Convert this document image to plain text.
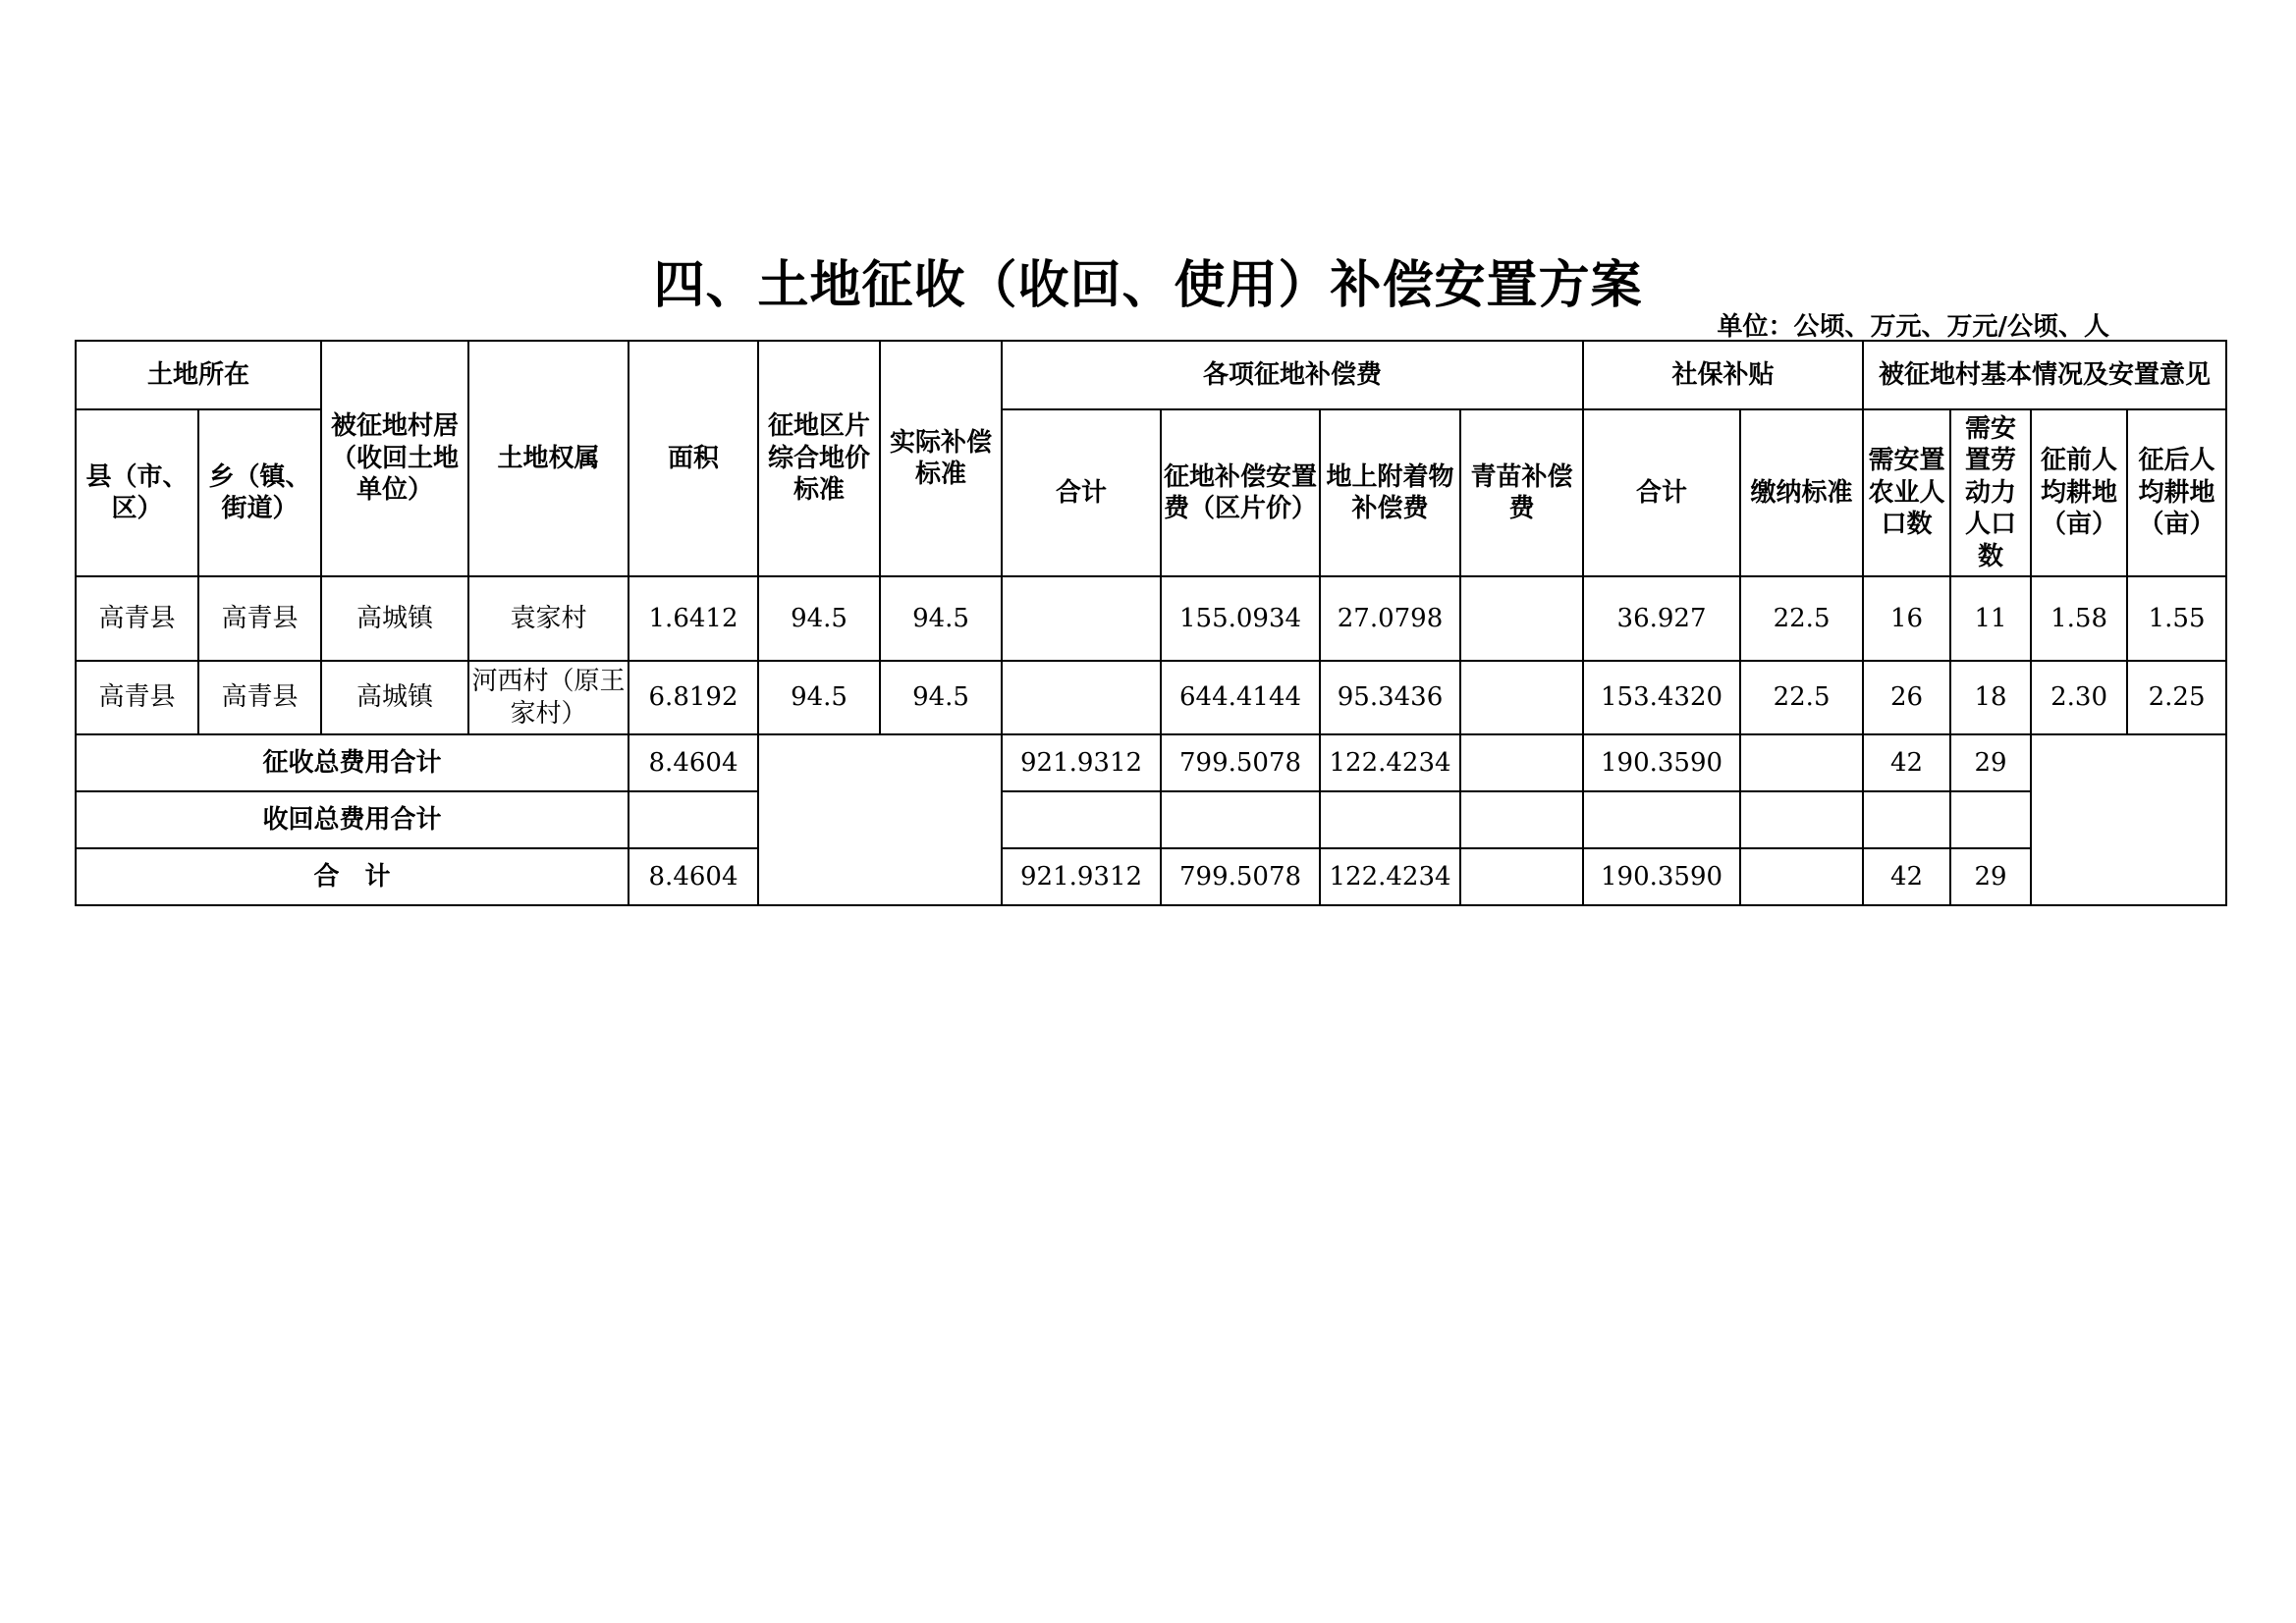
四、土地征收（收回、使用）补偿安置方案
单位：公顷、万元、万元/公顷、人
土地所在		被征地村居（收回土地单位）	土地权属	面积	征地区片综合地价标准	实际补偿标准	各项征地补偿费				社保补贴		被征地村基本情况及安置意见			
县（市、区）	乡（镇、街道）						合计	征地补偿安置费（区片价）	地上附着物补偿费	青苗补偿费	合计	缴纳标准	需安置农业人口数	需安置劳动力人口数	征前人均耕地（亩）	征后人均耕地（亩）
高青县	高青县	高城镇	袁家村	1.6412	94.5	94.5		155.0934	27.0798		36.927	22.5	16	11	1.58	1.55
高青县	高青县	高城镇	河西村（原王家村）	6.8192	94.5	94.5		644.4144	95.3436		153.4320	22.5	26	18	2.30	2.25
征收总费用合计				8.4604			921.9312	799.5078	122.4234		190.3590		42	29		
收回总费用合计																
合　计				8.4604			921.9312	799.5078	122.4234		190.3590		42	29		
